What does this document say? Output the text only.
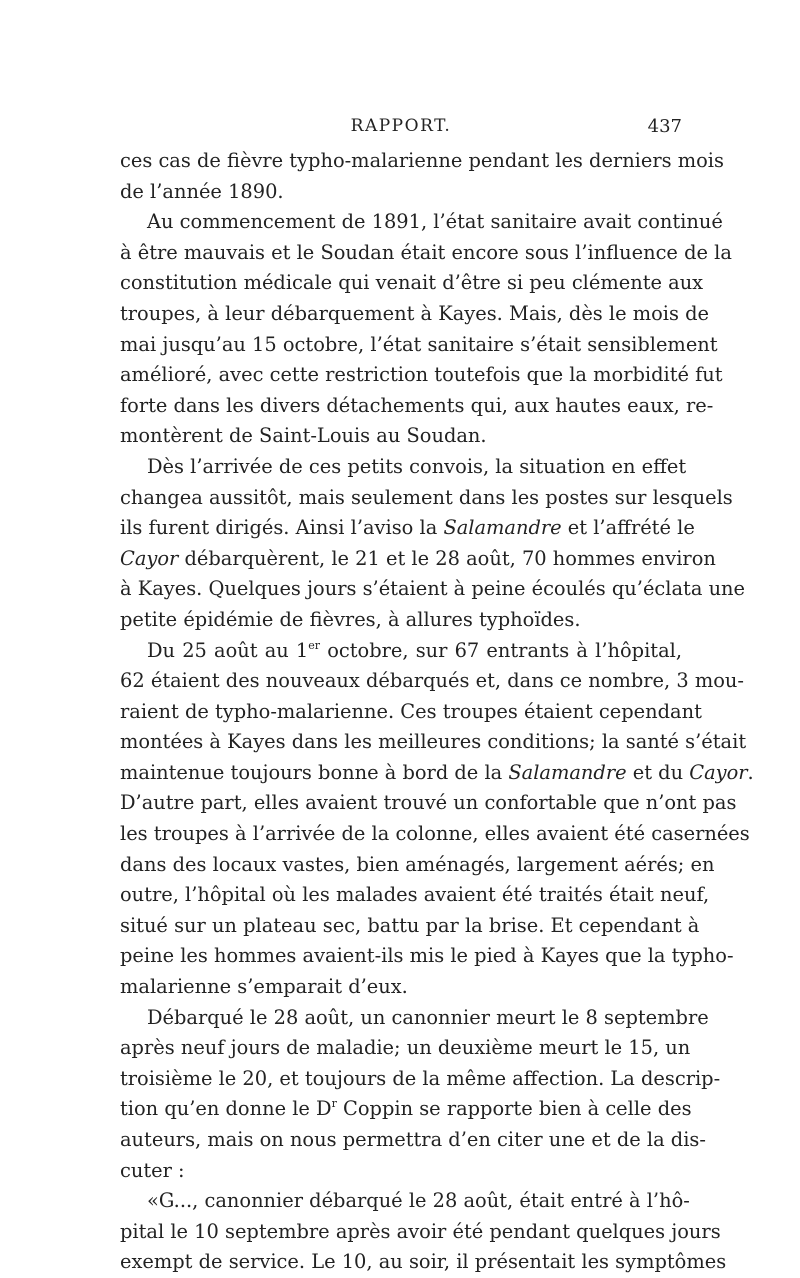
RAPPORT.	437
ces cas de fièvre typho-malarienne pendant les derniers mois
de l’année 1890.
Au commencement de 1891, l’état sanitaire avait continué
à être mauvais et le Soudan était encore sous l’influence de la
constitution médicale qui venait d’être si peu clémente aux
troupes, à leur débarquement à Kayes. Mais, dès le mois de
mai jusqu’au 15 octobre, l’état sanitaire s’était sensiblement
amélioré, avec cette restriction toutefois que la morbidité fut
forte dans les divers détachements qui, aux hautes eaux, re-
montèrent de Saint-Louis au Soudan.
Dès l’arrivée de ces petits convois, la situation en effet
changea aussitôt, mais seulement dans les postes sur lesquels
ils furent dirigés. Ainsi l’aviso la Salamandre et l’affrété le
Cayor débarquèrent, le 21 et le 28 août, 70 hommes environ
à Kayes. Quelques jours s’étaient à peine écoulés qu’éclata une
petite épidémie de fièvres, à allures typhoïdes.
Du 25 août au 1er octobre, sur 67 entrants à l’hôpital,
62 étaient des nouveaux débarqués et, dans ce nombre, 3 mou-
raient de typho-malarienne. Ces troupes étaient cependant
montées à Kayes dans les meilleures conditions; la santé s’était
maintenue toujours bonne à bord de la Salamandre et du Cayor.
D’autre part, elles avaient trouvé un confortable que n’ont pas
les troupes à l’arrivée de la colonne, elles avaient été casernées
dans des locaux vastes, bien aménagés, largement aérés; en
outre, l’hôpital où les malades avaient été traités était neuf,
situé sur un plateau sec, battu par la brise. Et cependant à
peine les hommes avaient-ils mis le pied à Kayes que la typho-
malarienne s’emparait d’eux.
Débarqué le 28 août, un canonnier meurt le 8 septembre
après neuf jours de maladie; un deuxième meurt le 15, un
troisième le 20, et toujours de la même affection. La descrip-
tion qu’en donne le $D^r$ Coppin se rapporte bien à celle des
auteurs, mais on nous permettra d’en citer une et de la dis-
cuter :
«G..., canonnier débarqué le 28 août, était entré à l’hô-
pital le 10 septembre après avoir été pendant quelques jours
exempt de service. Le 10, au soir, il présentait les symptômes
